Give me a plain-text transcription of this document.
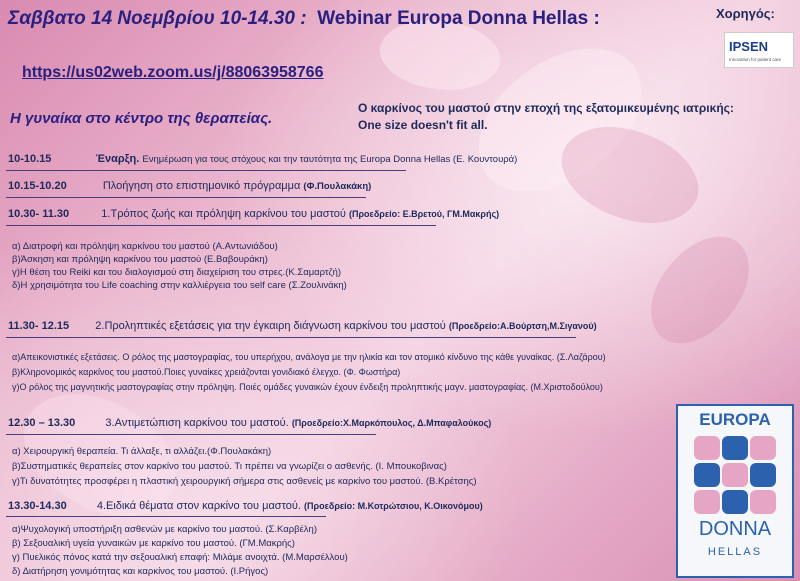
Σαββατο 14 Νοεμβρίου 10-14.30 : Webinar Europa Donna Hellas :
https://us02web.zoom.us/j/88063958766
Χορηγός:
IPSEN
Innovation for patient care
Η γυναίκα στο κέντρο της θεραπείας.
Ο καρκίνος του μαστού στην εποχή της εξατομικευμένης ιατρικής:
One size doesn't fit all.
10-10.15	Έναρξη. Ενημέρωση για τους στόχους και την ταυτότητα της Europa Donna Hellas (Ε. Κουντουρά)
10.15-10.20	Πλοήγηση στο επιστημονικό πρόγραμμα (Φ.Πουλακάκη)
10.30- 11.30	1.Τρόπος ζωής και πρόληψη καρκίνου του μαστού (Προεδρείο: Ε.Βρετού, ΓΜ.Μακρής)
α) Διατροφή και πρόληψη καρκίνου του μαστού (Α.Αντωνιάδου)
β)Άσκηση και πρόληψη καρκίνου του μαστού (Ε.Βαβουράκη)
γ)Η θέση του Reiki και του διαλογισμού στη διαχείριση του στρες.(Κ.Σαμαρτζή)
δ)Η χρησιμότητα του Life coaching στην καλλιέργεια του self care (Σ.Ζουλινάκη)
11.30- 12.15 2.Προληπτικές εξετάσεις για την έγκαιρη διάγνωση καρκίνου του μαστού (Προεδρείο:Α.Βούρτση,Μ.Σιγανού)
α)Απεικονιστικές εξετάσεις. Ο ρόλος της μαστογραφίας, του υπερήχου, ανάλογα με την ηλικία και τον ατομικό κίνδυνο της κάθε γυναίκας. (Σ.Λαζάρου)
β)Κληρονομικός καρκίνος του μαστού.Ποιες γυναίκες χρειάζονται γονιδιακό έλεγχο. (Φ. Φωστήρα)
γ)Ο ρόλος της μαγνητικής μαστογραφίας στην πρόληψη. Ποιές ομάδες γυναικών έχουν ένδειξη προληπτικής μαγν. μαστογραφίας. (Μ.Χριστοδούλου)
12.30 – 13.30	3.Αντιμετώπιση καρκίνου του μαστού. (Προεδρείο:Χ.Μαρκόπουλος, Δ.Μπαφαλούκος)
α) Χειρουργική θεραπεία. Τι άλλαξε, τι αλλάζει.(Φ.Πουλακάκη)
β)Συστηματικές θεραπείες στον καρκίνο του μαστού. Τι πρέπει να γνωρίζει ο ασθενής. (Ι. Μπουκοβινας)
γ)Τι δυνατότητες προσφέρει η πλαστική χειρουργική σήμερα στις ασθενείς με καρκίνο του μαστού. (Β.Κρέτσης)
13.30-14.30	4.Ειδικά θέματα στον καρκίνο του μαστού. (Προεδρείο: Μ.Κοτρώτσιου, Κ.Οικονόμου)
α)Ψυχολογική υποστήριξη ασθενών με καρκίνο του μαστού. (Σ.Καρβέλη)
β) Σεξουαλική υγεία γυναικών με καρκίνο του μαστού. (ΓΜ.Μακρής)
γ) Πυελικός πόνος κατά την σεξουαλική επαφή: Μιλάμε ανοιχτά. (Μ.Μαρσέλλου)
δ) Διατήρηση γονιμότητας και καρκίνος του μαστού. (Ι.Ρήγος)
EUROPA
DONNA
HELLAS
